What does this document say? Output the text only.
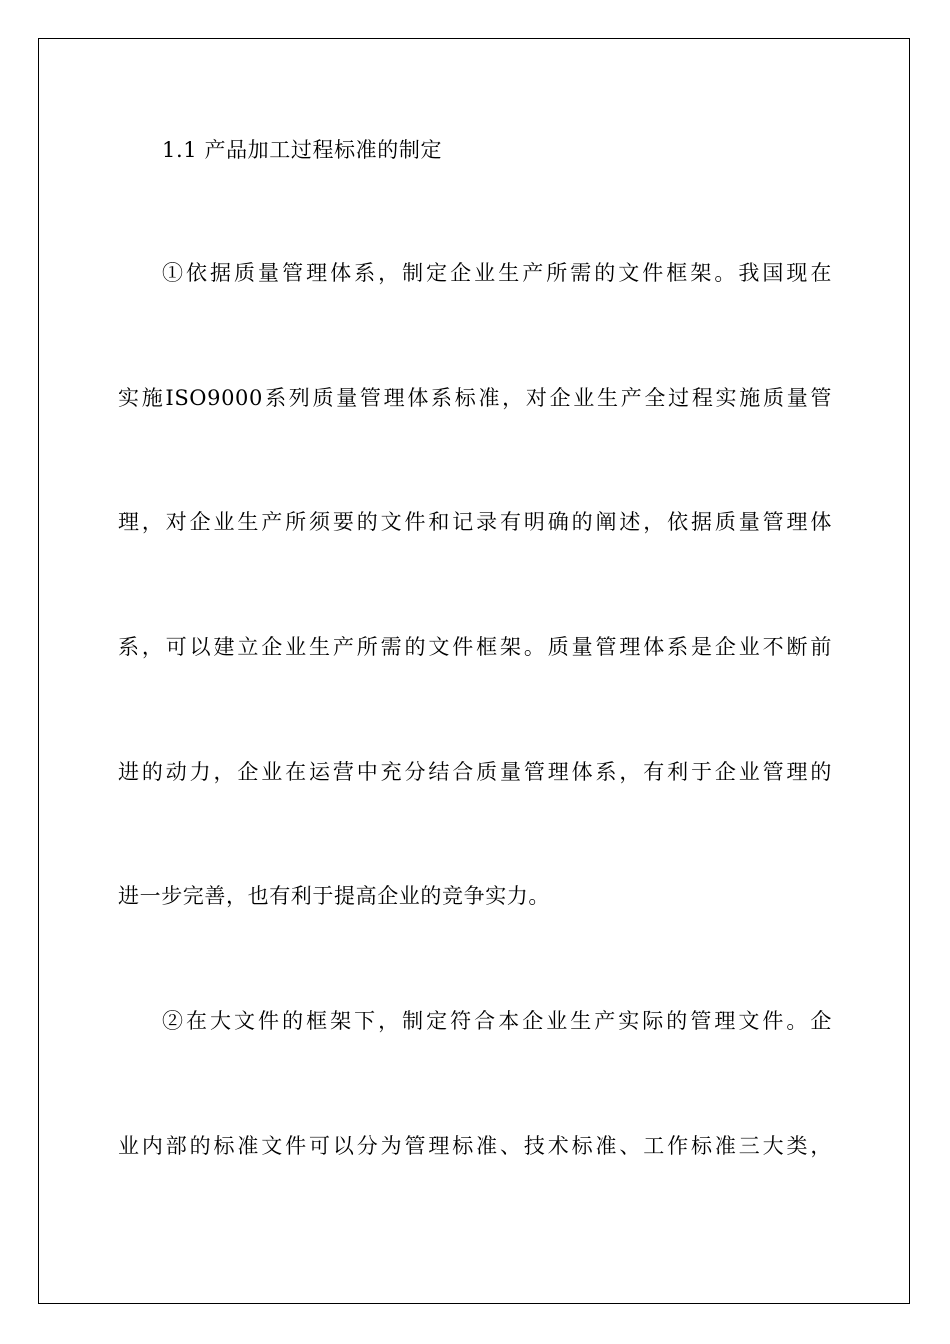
1.1 产品加工过程标准的制定
①依据质量管理体系，制定企业生产所需的文件框架。我国现在
实施ISO9000系列质量管理体系标准，对企业生产全过程实施质量管
理，对企业生产所须要的文件和记录有明确的阐述，依据质量管理体
系，可以建立企业生产所需的文件框架。质量管理体系是企业不断前
进的动力，企业在运营中充分结合质量管理体系，有利于企业管理的
进一步完善，也有利于提高企业的竞争实力。
②在大文件的框架下，制定符合本企业生产实际的管理文件。企
业内部的标准文件可以分为管理标准、技术标准、工作标准三大类，
